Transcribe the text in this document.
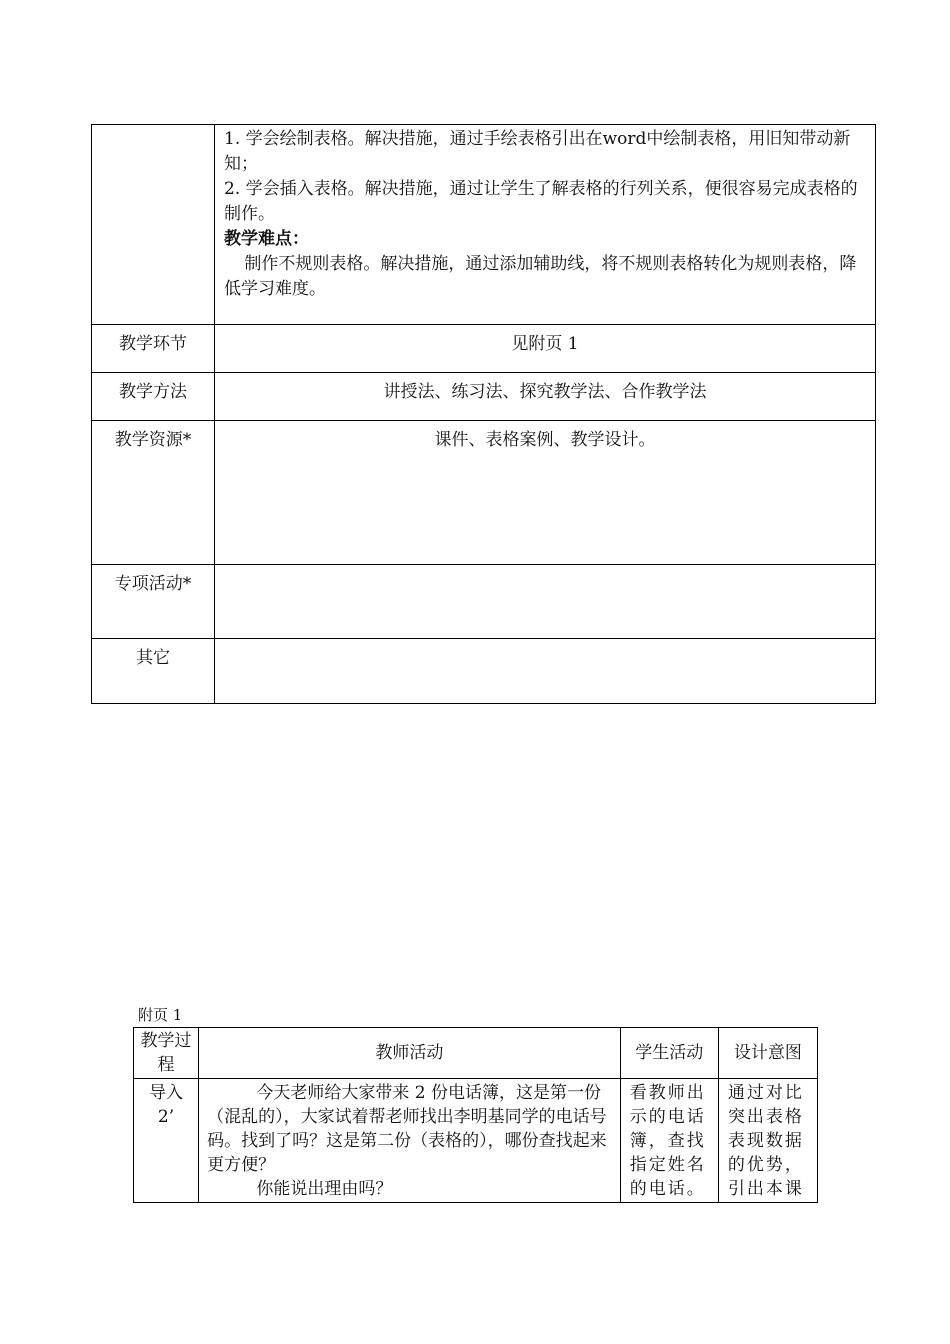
	1. 学会绘制表格。解决措施，通过手绘表格引出在word中绘制表格，用旧知带动新知；

2. 学会插入表格。解决措施，通过让学生了解表格的行列关系，便很容易完成表格的制作。

教学难点：

制作不规则表格。解决措施，通过添加辅助线，将不规则表格转化为规则表格，降低学习难度。

教学环节	见附页 1
教学方法	讲授法、练习法、探究教学法、合作教学法
教学资源*	课件、表格案例、教学设计。
专项活动*	
其它	
附页 1
教学过程	教师活动	学生活动	设计意图
导入2’	今天老师给大家带来 2 份电话簿，这是第一份（混乱的），大家试着帮老师找出李明基同学的电话号码。找到了吗？这是第二份（表格的），哪份查找起来更方便？

你能说出理由吗？	看教师出示的电话簿，查找指定姓名的电话。	通过对比突出表格表现数据的优势，引出本课
